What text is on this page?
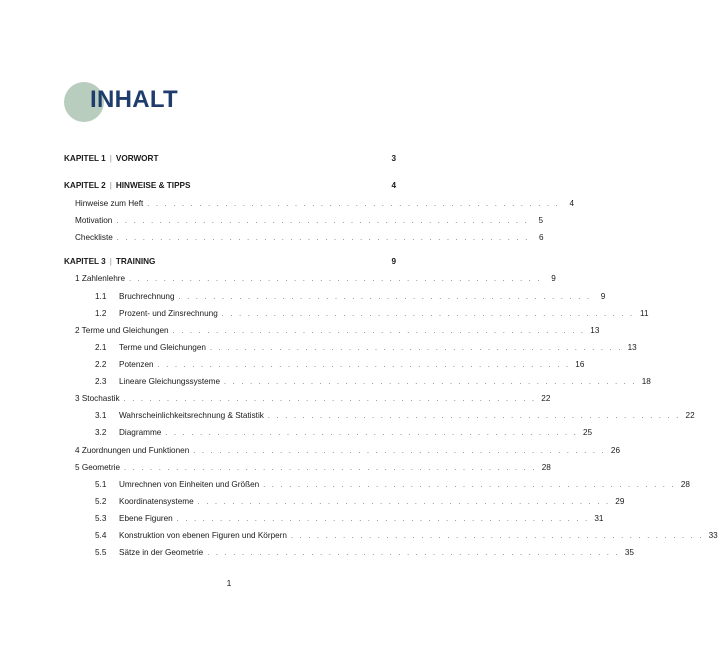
INHALT
KAPITEL 1 | VORWORT	3
KAPITEL 2 | HINWEISE & TIPPS	4
Hinweise zum Heft . . . . . . . . . . . . . . . . . . . . . . . . . . . . . . . . . . . . . . . . . . . . . . . .	4
Motivation . . . . . . . . . . . . . . . . . . . . . . . . . . . . . . . . . . . . . . . . . . . . . . . .	5
Checkliste . . . . . . . . . . . . . . . . . . . . . . . . . . . . . . . . . . . . . . . . . . . . . . . .	6
KAPITEL 3 | TRAINING	9
1 Zahlenlehre . . . . . . . . . . . . . . . . . . . . . . . . . . . . . . . . . . . . . . . . . . . . . . . .	9
1.1	Bruchrechnung . . . . . . . . . . . . . . . . . . . . . . . . . . . . . . . . . . . . . . . . . . . . . . . .	9
1.2	Prozent- und Zinsrechnung . . . . . . . . . . . . . . . . . . . . . . . . . . . . . . . . . . . . . . . . . . . . . . . . 11
2 Terme und Gleichungen . . . . . . . . . . . . . . . . . . . . . . . . . . . . . . . . . . . . . . . . . . . . . . . . 13
2.1	Terme und Gleichungen . . . . . . . . . . . . . . . . . . . . . . . . . . . . . . . . . . . . . . . . . . . . . . . . 13
2.2	Potenzen . . . . . . . . . . . . . . . . . . . . . . . . . . . . . . . . . . . . . . . . . . . . . . . . 16
2.3	Lineare Gleichungssysteme . . . . . . . . . . . . . . . . . . . . . . . . . . . . . . . . . . . . . . . . . . . . . . . . 18
3 Stochastik . . . . . . . . . . . . . . . . . . . . . . . . . . . . . . . . . . . . . . . . . . . . . . . . 22
3.1	Wahrscheinlichkeitsrechnung & Statistik . . . . . . . . . . . . . . . . . . . . . . . . . . . . . . . . . . . . . . . . . . . . . . . . 22
3.2	Diagramme . . . . . . . . . . . . . . . . . . . . . . . . . . . . . . . . . . . . . . . . . . . . . . . . 25
4 Zuordnungen und Funktionen . . . . . . . . . . . . . . . . . . . . . . . . . . . . . . . . . . . . . . . . . . . . . . . . 26
5 Geometrie . . . . . . . . . . . . . . . . . . . . . . . . . . . . . . . . . . . . . . . . . . . . . . . . 28
5.1	Umrechnen von Einheiten und Größen . . . . . . . . . . . . . . . . . . . . . . . . . . . . . . . . . . . . . . . . . . . . . . . . 28
5.2	Koordinatensysteme . . . . . . . . . . . . . . . . . . . . . . . . . . . . . . . . . . . . . . . . . . . . . . . . 29
5.3	Ebene Figuren . . . . . . . . . . . . . . . . . . . . . . . . . . . . . . . . . . . . . . . . . . . . . . . . 31
5.4	Konstruktion von ebenen Figuren und Körpern . . . . . . . . . . . . . . . . . . . . . . . . . . . . . . . . . . . . . . . . . . . . . . . . 33
5.5	Sätze in der Geometrie . . . . . . . . . . . . . . . . . . . . . . . . . . . . . . . . . . . . . . . . . . . . . . . . 35
1
